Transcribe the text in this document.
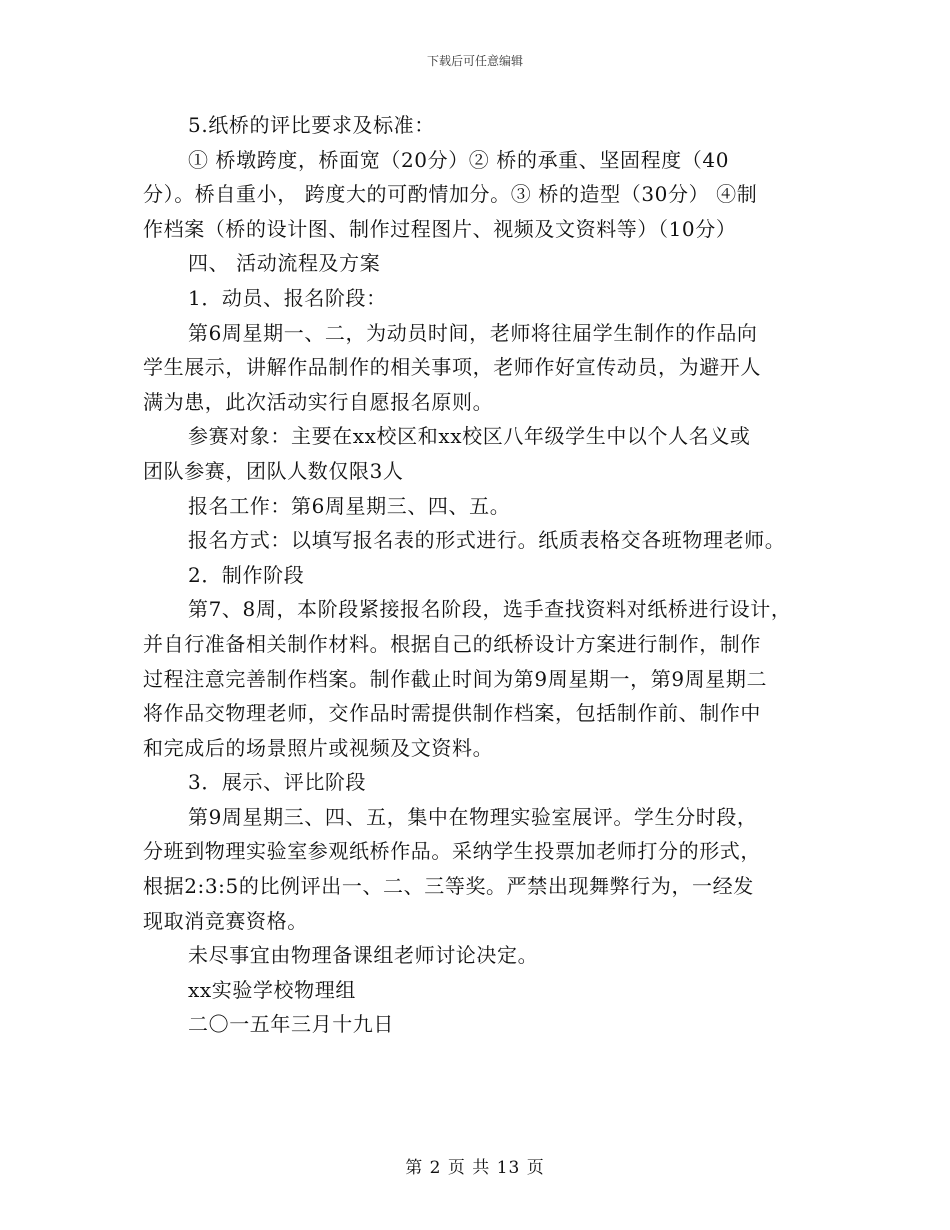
下载后可任意编辑
5.纸桥的评比要求及标准：
① 桥墩跨度，桥面宽（20分）② 桥的承重、坚固程度（40
分）。桥自重小， 跨度大的可酌情加分。③ 桥的造型（30分） ④制
作档案（桥的设计图、制作过程图片、视频及文资料等）（10分）
四、 活动流程及方案
1．动员、报名阶段：
第6周星期一、二，为动员时间，老师将往届学生制作的作品向
学生展示，讲解作品制作的相关事项，老师作好宣传动员，为避开人
满为患，此次活动实行自愿报名原则。
参赛对象：主要在xx校区和xx校区八年级学生中以个人名义或
团队参赛，团队人数仅限3人
报名工作：第6周星期三、四、五。
报名方式：以填写报名表的形式进行。纸质表格交各班物理老师。
2．制作阶段
第7、8周，本阶段紧接报名阶段，选手查找资料对纸桥进行设计，
并自行准备相关制作材料。根据自己的纸桥设计方案进行制作，制作
过程注意完善制作档案。制作截止时间为第9周星期一，第9周星期二
将作品交物理老师，交作品时需提供制作档案，包括制作前、制作中
和完成后的场景照片或视频及文资料。
3．展示、评比阶段
第9周星期三、四、五，集中在物理实验室展评。学生分时段，
分班到物理实验室参观纸桥作品。采纳学生投票加老师打分的形式，
根据2:3:5的比例评出一、二、三等奖。严禁出现舞弊行为，一经发
现取消竞赛资格。
未尽事宜由物理备课组老师讨论决定。
xx实验学校物理组
二〇一五年三月十九日
第 2 页 共 13 页
